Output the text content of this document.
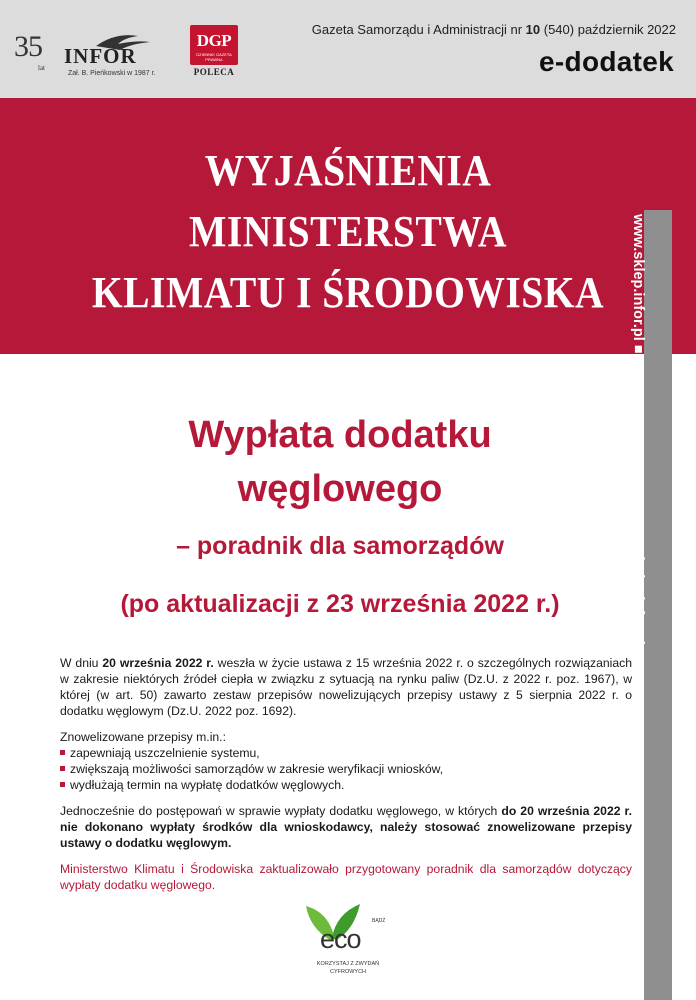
35
lat INFOR
Zał. B. Pieńkowski w 1987 r.
DGP
DZIENNIK GAZETA PRAWNA
POLECA
Gazeta Samorządu i Administracji nr 10 (540) październik 2022
e-dodatek
WYJAŚNIENIA
MINISTERSTWA
KLIMATU I ŚRODOWISKA	www.sklep.infor.pl ■ 801 626 666 ■ 22 761 30 30 ■ bok@infor.pl
Wypłata dodatku
węglowego
– poradnik dla samorządów
(po aktualizacji z 23 września 2022 r.)

W dniu 20 września 2022 r. weszła w życie ustawa z 15 września 2022 r. o szczególnych rozwiązaniach w zakresie niektórych źródeł ciepła w związku z sytuacją na rynku paliw (Dz.U. z 2022 r. poz. 1967), w której (w art. 50) zawarto zestaw przepisów nowelizujących przepisy ustawy z 5 sierpnia 2022 r. o dodatku węglowym (Dz.U. 2022 poz. 1692).

Znowelizowane przepisy m.in.:
zapewniają uszczelnienie systemu,
zwiększają możliwości samorządów w zakresie weryfikacji wniosków,
wydłużają termin na wypłatę dodatków węglowych.

Jednocześnie do postępowań w sprawie wypłaty dodatku węglowego, w których do 20 września 2022 r. nie dokonano wypłaty środków dla wnioskodawcy, należy stosować znowelizowane przepisy ustawy o dodatku węglowym.

Ministerstwo Klimatu i Środowiska zaktualizowało przygotowany poradnik dla samorządów dotyczący wypłaty dodatku węglowego.

BĄDŹ
eco
KORZYSTAJ Z ZWYDAŃ CYFROWYCH
